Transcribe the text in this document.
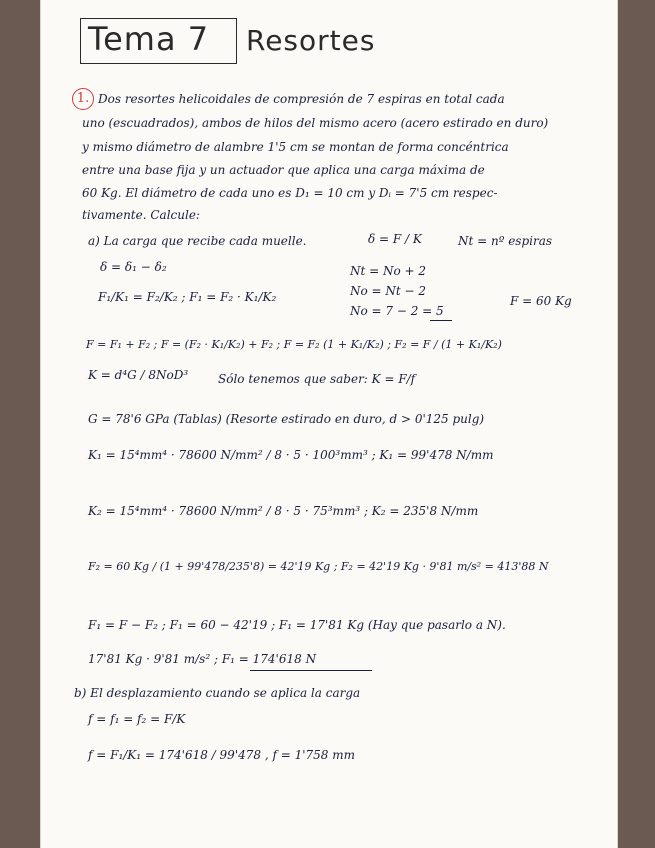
Tema 7 Resortes
1. Dos resortes helicoidales de compresión de 7 espiras en total cada
uno (escuadrados), ambos de hilos del mismo acero (acero estirado en duro)
y mismo diámetro de alambre 1'5 cm se montan de forma concéntrica
entre una base fija y un actuador que aplica una carga máxima de
60 Kg. El diámetro de cada uno es D₁ = 10 cm y Dᵢ = 7'5 cm respec-
tivamente. Calcule:
a) La carga que recibe cada muelle.	δ = F / K	Nt = nº espiras
δ = δ₁ − δ₂	Nt = No + 2
No = Nt − 2
No = 7 − 2 = 5
F = 60 Kg
F₁/K₁ = F₂/K₂ ; F₁ = F₂ · K₁/K₂
F = F₁ + F₂ ; F = (F₂ · K₁/K₂) + F₂ ; F = F₂ (1 + K₁/K₂) ; F₂ = F / (1 + K₁/K₂)
K = d⁴G / 8NoD³ Sólo tenemos que saber: K = F/f
G = 78'6 GPa (Tablas) (Resorte estirado en duro, d > 0'125 pulg)
K₁ = 15⁴mm⁴ · 78600 N/mm² / 8 · 5 · 100³mm³ ; K₁ = 99'478 N/mm
K₂ = 15⁴mm⁴ · 78600 N/mm² / 8 · 5 · 75³mm³ ; K₂ = 235'8 N/mm
F₂ = 60 Kg / (1 + 99'478/235'8) = 42'19 Kg ; F₂ = 42'19 Kg · 9'81 m/s² = 413'88 N
F₁ = F − F₂ ; F₁ = 60 − 42'19 ; F₁ = 17'81 Kg (Hay que pasarlo a N).
17'81 Kg · 9'81 m/s² ; F₁ = 174'618 N
b) El desplazamiento cuando se aplica la carga
f = f₁ = f₂ = F/K
f = F₁/K₁ = 174'618 / 99'478 , f = 1'758 mm
